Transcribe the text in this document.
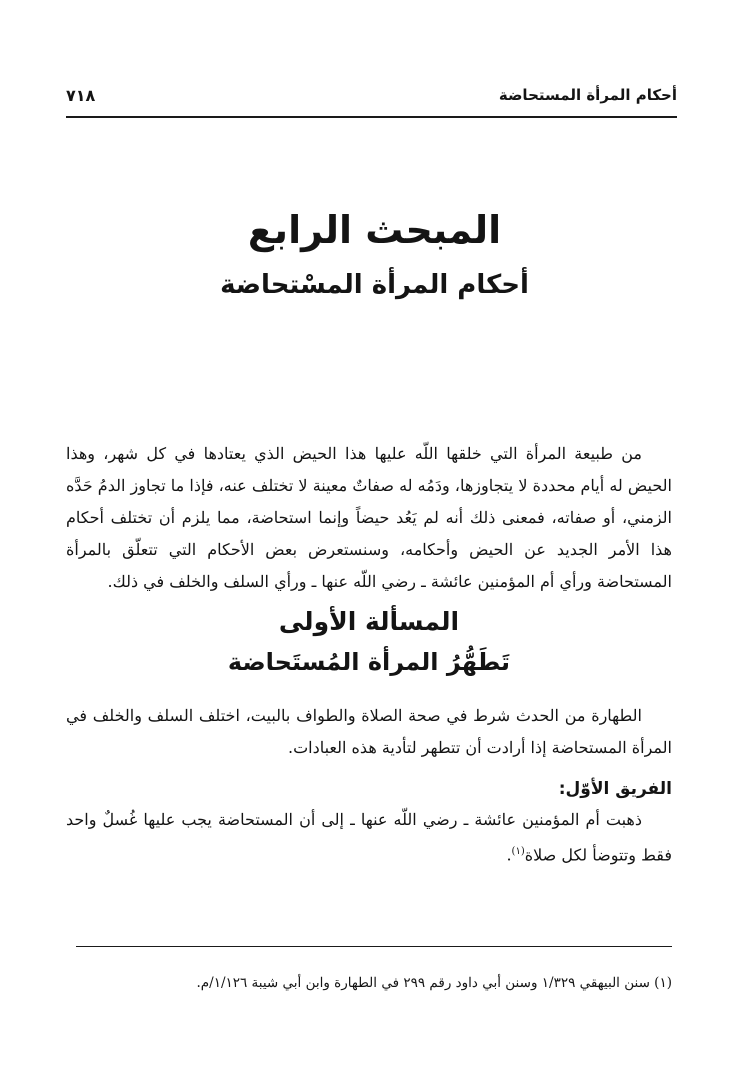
أحكام المرأة المستحاضة
٧١٨
المبحث الرابع
أحكام المرأة المسْتحاضة

من طبيعة المرأة التي خلقها اللّه عليها هذا الحيض الذي يعتادها في كل شهر، وهذا الحيض له أيام محددة لا يتجاوزها، ودَمُه له صفاتٌ معينة لا تختلف عنه، فإذا ما تجاوز الدمُ حَدَّه الزمني، أو صفاته، فمعنى ذلك أنه لم يَعُد حيضاً وإنما استحاضة، مما يلزم أن تختلف أحكام هذا الأمر الجديد عن الحيض وأحكامه، وسنستعرض بعض الأحكام التي تتعلّق بالمرأة المستحاضة ورأي أم المؤمنين عائشة ـ رضي اللّه عنها ـ ورأي السلف والخلف في ذلك.

المسألة الأولى
تَطَهُّرُ المرأة المُستَحاضة

الطهارة من الحدث شرط في صحة الصلاة والطواف بالبيت، اختلف السلف والخلف في المرأة المستحاضة إذا أرادت أن تتطهر لتأدية هذه العبادات.

الفريق الأوّل:

ذهبت أم المؤمنين عائشة ـ رضي اللّه عنها ـ إلى أن المستحاضة يجب عليها غُسلٌ واحد فقط وتتوضأ لكل صلاة$^{(١)}$.

(١) سنن البيهقي ١/٣٢٩ وسنن أبي داود رقم ٢٩٩ في الطهارة وابن أبي شيبة ١/١٢٦/م.
